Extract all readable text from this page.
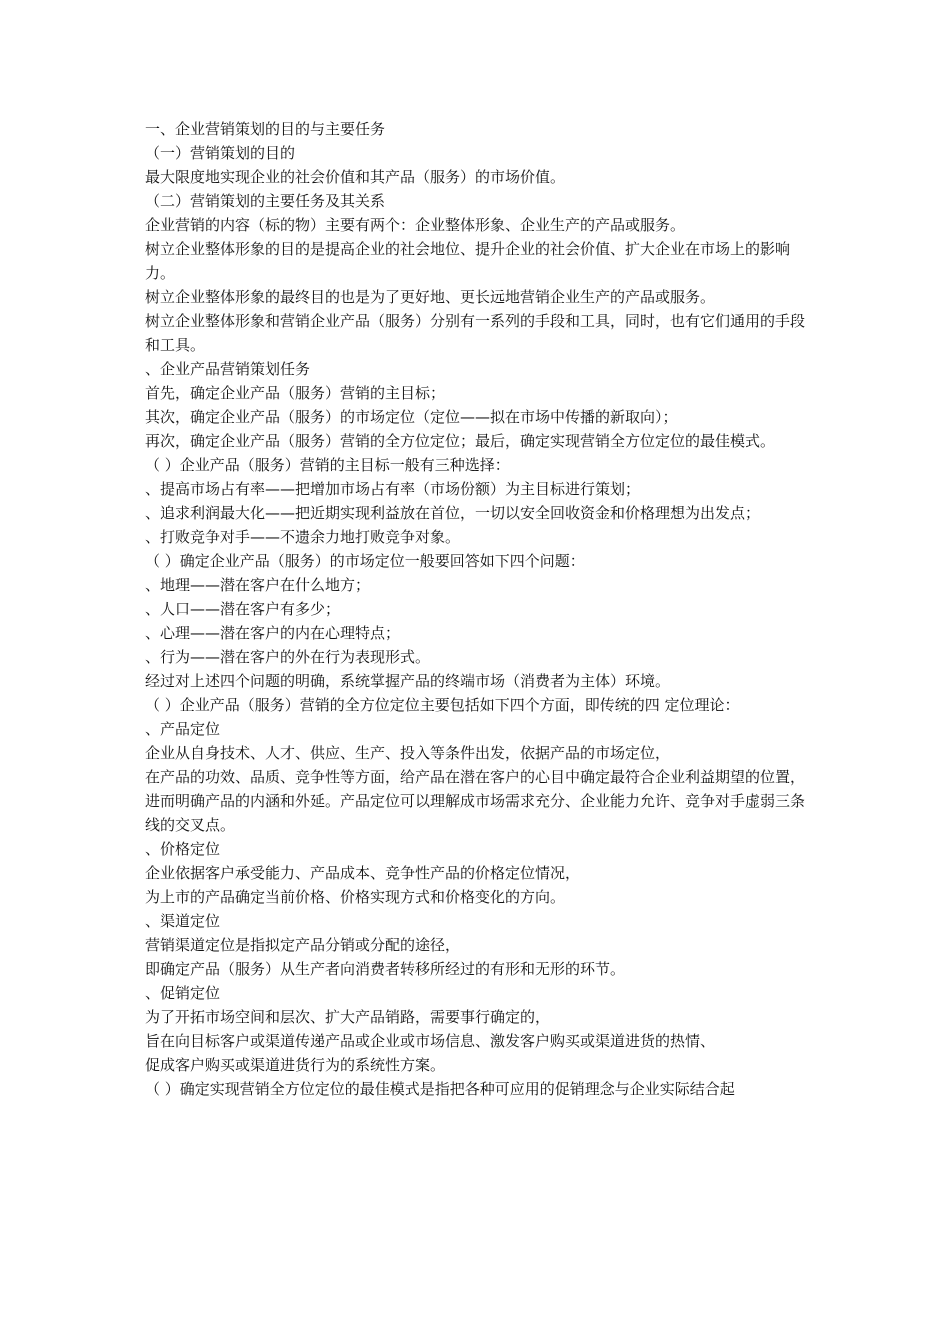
一、企业营销策划的目的与主要任务

（一）营销策划的目的

最大限度地实现企业的社会价值和其产品（服务）的市场价值。

（二）营销策划的主要任务及其关系

企业营销的内容（标的物）主要有两个：企业整体形象、企业生产的产品或服务。

树立企业整体形象的目的是提高企业的社会地位、提升企业的社会价值、扩大企业在市场上的影响力。

树立企业整体形象的最终目的也是为了更好地、更长远地营销企业生产的产品或服务。

树立企业整体形象和营销企业产品（服务）分别有一系列的手段和工具，同时，也有它们通用的手段和工具。

、企业产品营销策划任务

首先，确定企业产品（服务）营销的主目标；

其次，确定企业产品（服务）的市场定位（定位——拟在市场中传播的新取向）；

再次，确定企业产品（服务）营销的全方位定位；最后，确定实现营销全方位定位的最佳模式。

（ ）企业产品（服务）营销的主目标一般有三种选择：

、提高市场占有率——把增加市场占有率（市场份额）为主目标进行策划；

、追求利润最大化——把近期实现利益放在首位，一切以安全回收资金和价格理想为出发点；

、打败竞争对手——不遗余力地打败竞争对象。

（ ）确定企业产品（服务）的市场定位一般要回答如下四个问题：

、地理——潜在客户在什么地方；

、人口——潜在客户有多少；

、心理——潜在客户的内在心理特点；

、行为——潜在客户的外在行为表现形式。

经过对上述四个问题的明确，系统掌握产品的终端市场（消费者为主体）环境。

（ ）企业产品（服务）营销的全方位定位主要包括如下四个方面，即传统的四 定位理论：

、产品定位

企业从自身技术、人才、供应、生产、投入等条件出发，依据产品的市场定位，

在产品的功效、品质、竞争性等方面，给产品在潜在客户的心目中确定最符合企业利益期望的位置，

进而明确产品的内涵和外延。产品定位可以理解成市场需求充分、企业能力允许、竞争对手虚弱三条线的交叉点。

、价格定位

企业依据客户承受能力、产品成本、竞争性产品的价格定位情况，

为上市的产品确定当前价格、价格实现方式和价格变化的方向。

、渠道定位

营销渠道定位是指拟定产品分销或分配的途径，

即确定产品（服务）从生产者向消费者转移所经过的有形和无形的环节。

、促销定位

为了开拓市场空间和层次、扩大产品销路，需要事行确定的，

旨在向目标客户或渠道传递产品或企业或市场信息、激发客户购买或渠道进货的热情、

促成客户购买或渠道进货行为的系统性方案。

（ ）确定实现营销全方位定位的最佳模式是指把各种可应用的促销理念与企业实际结合起
